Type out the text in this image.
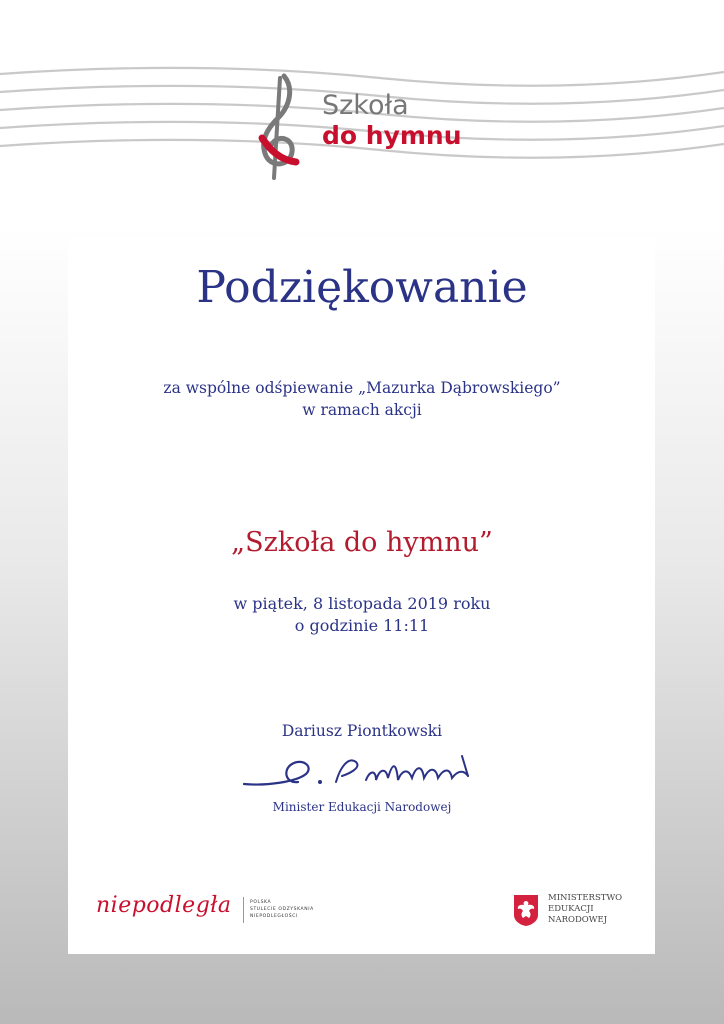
Szkoła
do hymnu
Podziękowanie
za wspólne odśpiewanie „Mazurka Dąbrowskiego”
w ramach akcji
„Szkoła do hymnu”
w piątek, 8 listopada 2019 roku
o godzinie 11:11
Dariusz Piontkowski
Minister Edukacji Narodowej
niepodległa	POLSKA
STULECIE ODZYSKANIA
NIEPODLEGŁOŚCI
MINISTERSTWO
EDUKACJI
NARODOWEJ
